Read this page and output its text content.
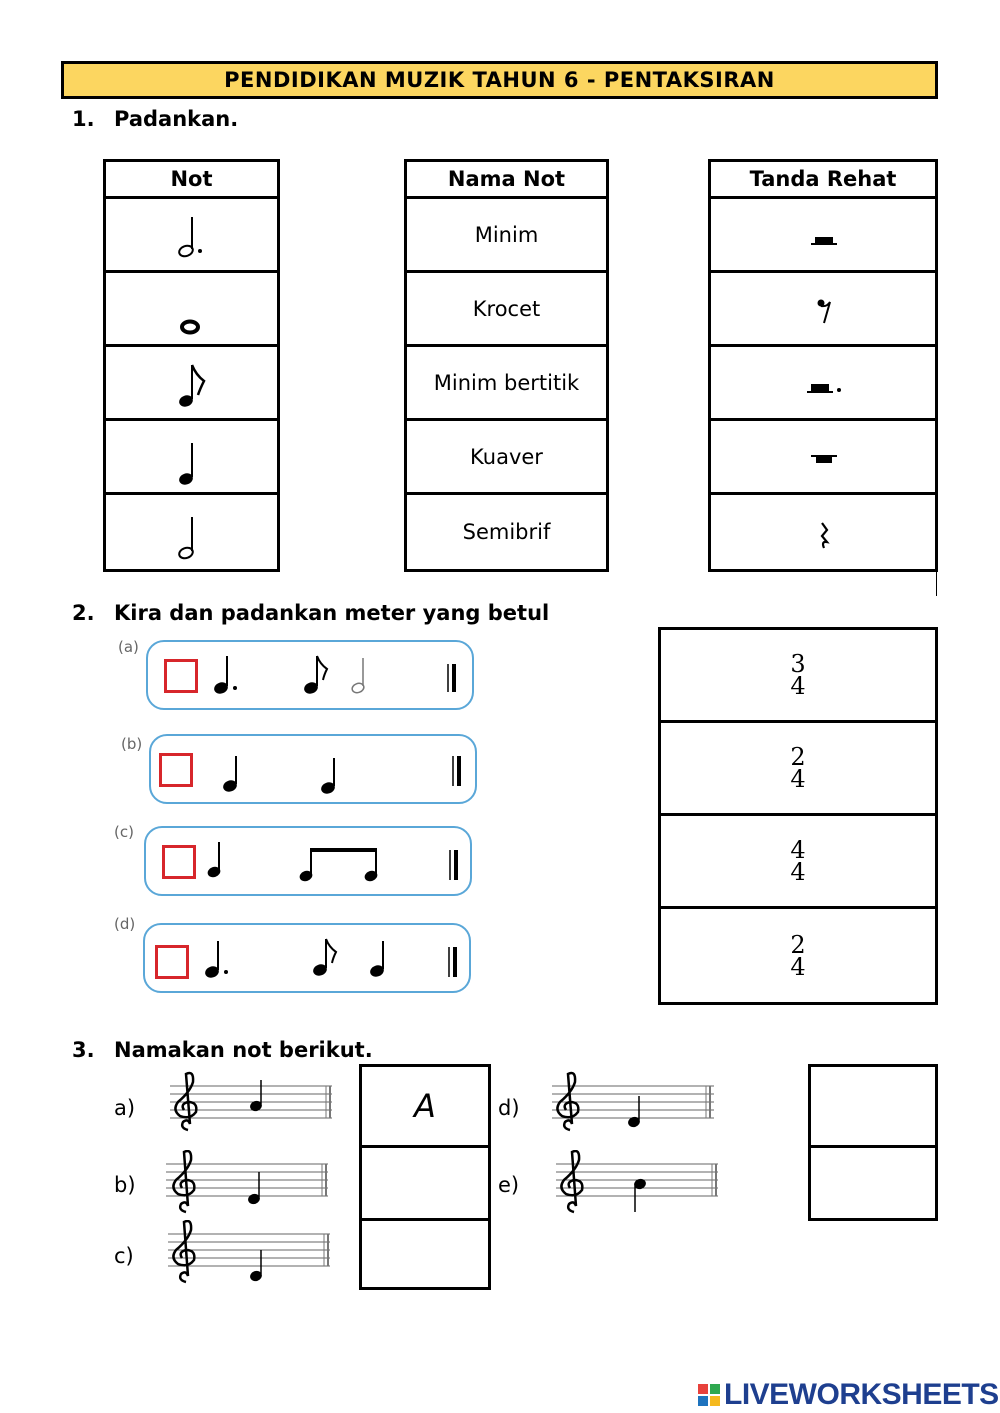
PENDIDIKAN MUZIK TAHUN 6 - PENTAKSIRAN
1. Padankan.
Not	Nama Not
Minim
Krocet
Minim bertitik
Kuaver
Semibrif
Tanda Rehat
2. Kira dan padankan meter yang betul
(a)
(b)
(c)
(d)
3
4
2
4
4
4
2
4
3. Namakan not berikut.
a)
b)
c)
d)
e)
A
LIVEWORKSHEETS
